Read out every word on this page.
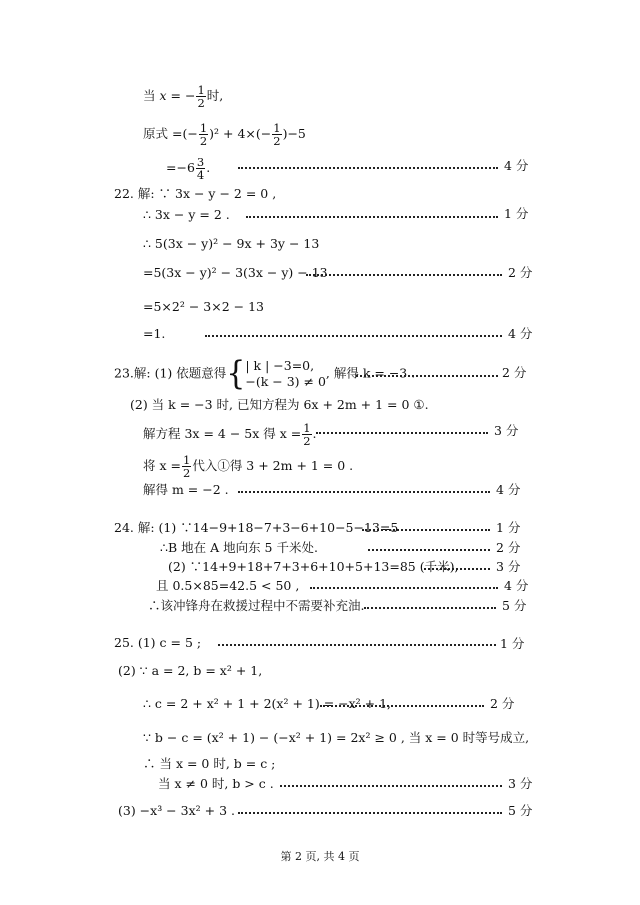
当 x = − $\frac{1}{2}$ 时,
原式 =(− $\frac{1}{2} )^2 + 4\times(- \frac{1}{2} )-5$
$=-6 \frac{3}{4}$ .	4 分
22. 解: ∵ 3x − y − 2 = 0 ,
∴ 3x − y = 2 .	1 分
∴ 5(3x − y)² − 9x + 3y − 13
=5(3x − y)² − 3(3x − y) − 13	2 分
=5×2² − 3×2 − 13
=1.	4 分
23.解: (1) 依题意得{ | k | −3=0,
−(k − 3) ≠ 0
, 解得 k = −3 .	2 分
(2) 当 k = −3 时, 已知方程为 6x + 2m + 1 = 0 ①.
解方程 3x = 4 − 5x 得 $x = \frac{1}{2}$ .	3 分
将 $x = \frac{1}{2}$ 代入①得 3 + 2m + 1 = 0 .
解得 m = −2 .	4 分
24. 解: (1) ∵14−9+18−7+3−6+10−5−13=5	1 分
∴B 地在 A 地向东 5 千米处.	2 分
(2) ∵14+9+18+7+3+6+10+5+13=85 (千米),	3 分
且 0.5×85=42.5 < 50 ,	4 分
∴该冲锋舟在救援过程中不需要补充油.	5 分
25. (1) c = 5 ;	1 分
(2) ∵ a = 2, b = x² + 1,
∴ c = 2 + x² + 1 + 2(x² + 1) = −x² + 1,	2 分
∵ b − c = (x² + 1) − (−x² + 1) = 2x² ≥ 0 , 当 x = 0 时等号成立,
∴ 当 x = 0 时, b = c ;
当 x ≠ 0 时, b > c .	3 分
(3) −x³ − 3x² + 3 .	5 分
第 2 页, 共 4 页
